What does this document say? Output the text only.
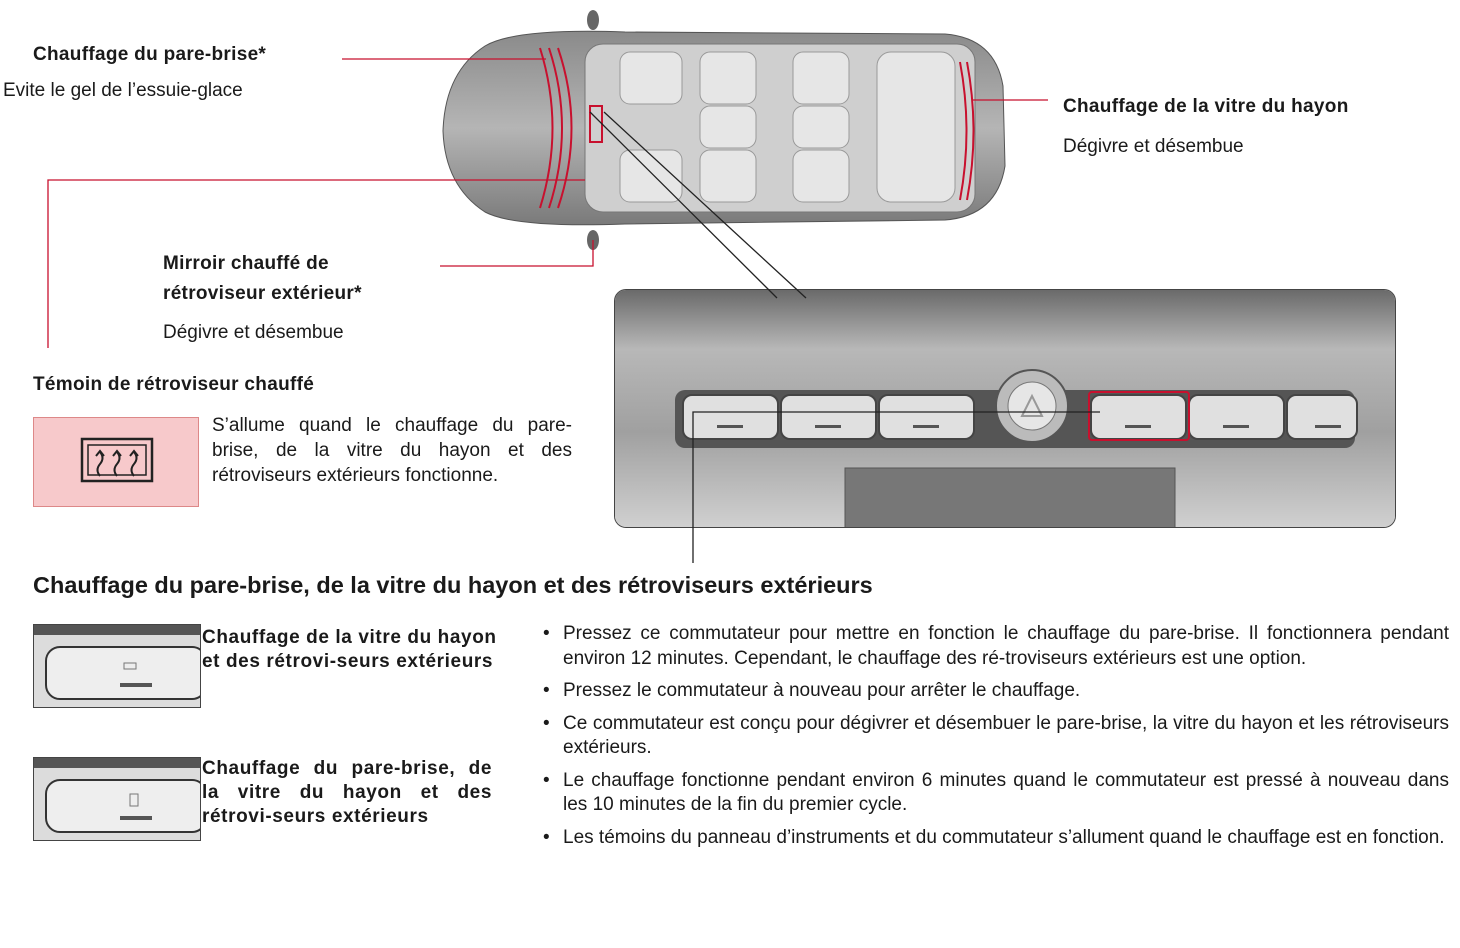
Chauffage du pare-brise*
Evite le gel de l’essuie-glace
Chauffage de la vitre du hayon
Dégivre et désembue
Mirroir chauffé de
rétroviseur extérieur*
Dégivre et désembue
Témoin de rétroviseur chauffé
S’allume quand le chauffage du pare-brise, de la vitre du hayon et des rétroviseurs extérieurs fonctionne.
Chauffage du pare-brise, de la vitre du hayon et des rétroviseurs extérieurs
Chauffage de la vitre du hayon et des rétrovi-seurs extérieurs
Chauffage du pare-brise, de la vitre du hayon et des rétrovi-seurs extérieurs
• Pressez ce commutateur pour mettre en fonction le chauffage du pare-brise. Il fonctionnera pendant environ 12 minutes. Cependant, le chauffage des ré-troviseurs extérieurs est une option.
• Pressez le commutateur à nouveau pour arrêter le chauffage.
• Ce commutateur est conçu pour dégivrer et désembuer le pare-brise, la vitre du hayon et les rétroviseurs extérieurs.
• Le chauffage fonctionne pendant environ 6 minutes quand le commutateur est pressé à nouveau dans les 10 minutes de la fin du premier cycle.
• Les témoins du panneau d’instruments et du commutateur s’allument quand le chauffage est en fonction.
